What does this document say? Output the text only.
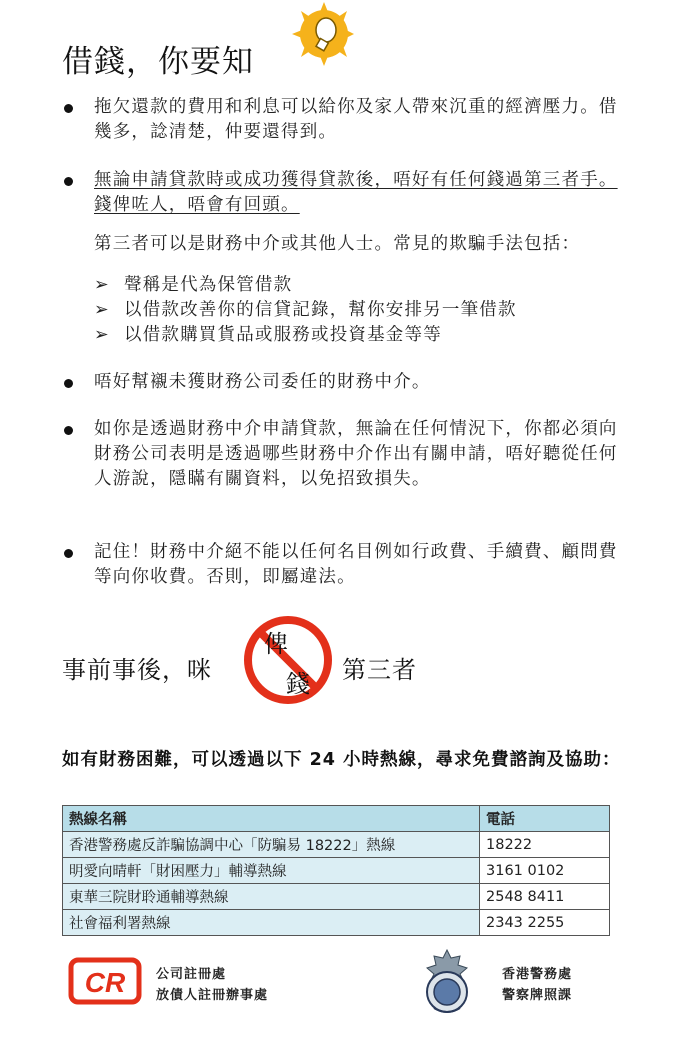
借錢，你要知
拖欠還款的費用和利息可以給你及家人帶來沉重的經濟壓力。借幾多，諗清楚，仲要還得到。
無論申請貸款時或成功獲得貸款後，唔好有任何錢過第三者手。錢俾咗人，唔會有回頭。
第三者可以是財務中介或其他人士。常見的欺騙手法包括：
➢ 聲稱是代為保管借款
➢ 以借款改善你的信貸記錄，幫你安排另一筆借款
➢ 以借款購買貨品或服務或投資基金等等
唔好幫襯未獲財務公司委任的財務中介。
如你是透過財務中介申請貸款，無論在任何情況下，你都必須向財務公司表明是透過哪些財務中介作出有關申請，唔好聽從任何人游說，隱瞞有關資料，以免招致損失。
記住！財務中介絕不能以任何名目例如行政費、手續費、顧問費等向你收費。否則，即屬違法。
事前事後，咪
俾
錢 第三者
如有財務困難，可以透過以下 24 小時熱線，尋求免費諮詢及協助：
熱線名稱	電話
香港警務處反詐騙協調中心「防騙易 18222」熱線	18222
明愛向晴軒「財困壓力」輔導熱線	3161 0102
東華三院財聆通輔導熱線	2548 8411
社會福利署熱線	2343 2255
CR 公司註冊處
放債人註冊辦事處
香港警務處
警察牌照課
